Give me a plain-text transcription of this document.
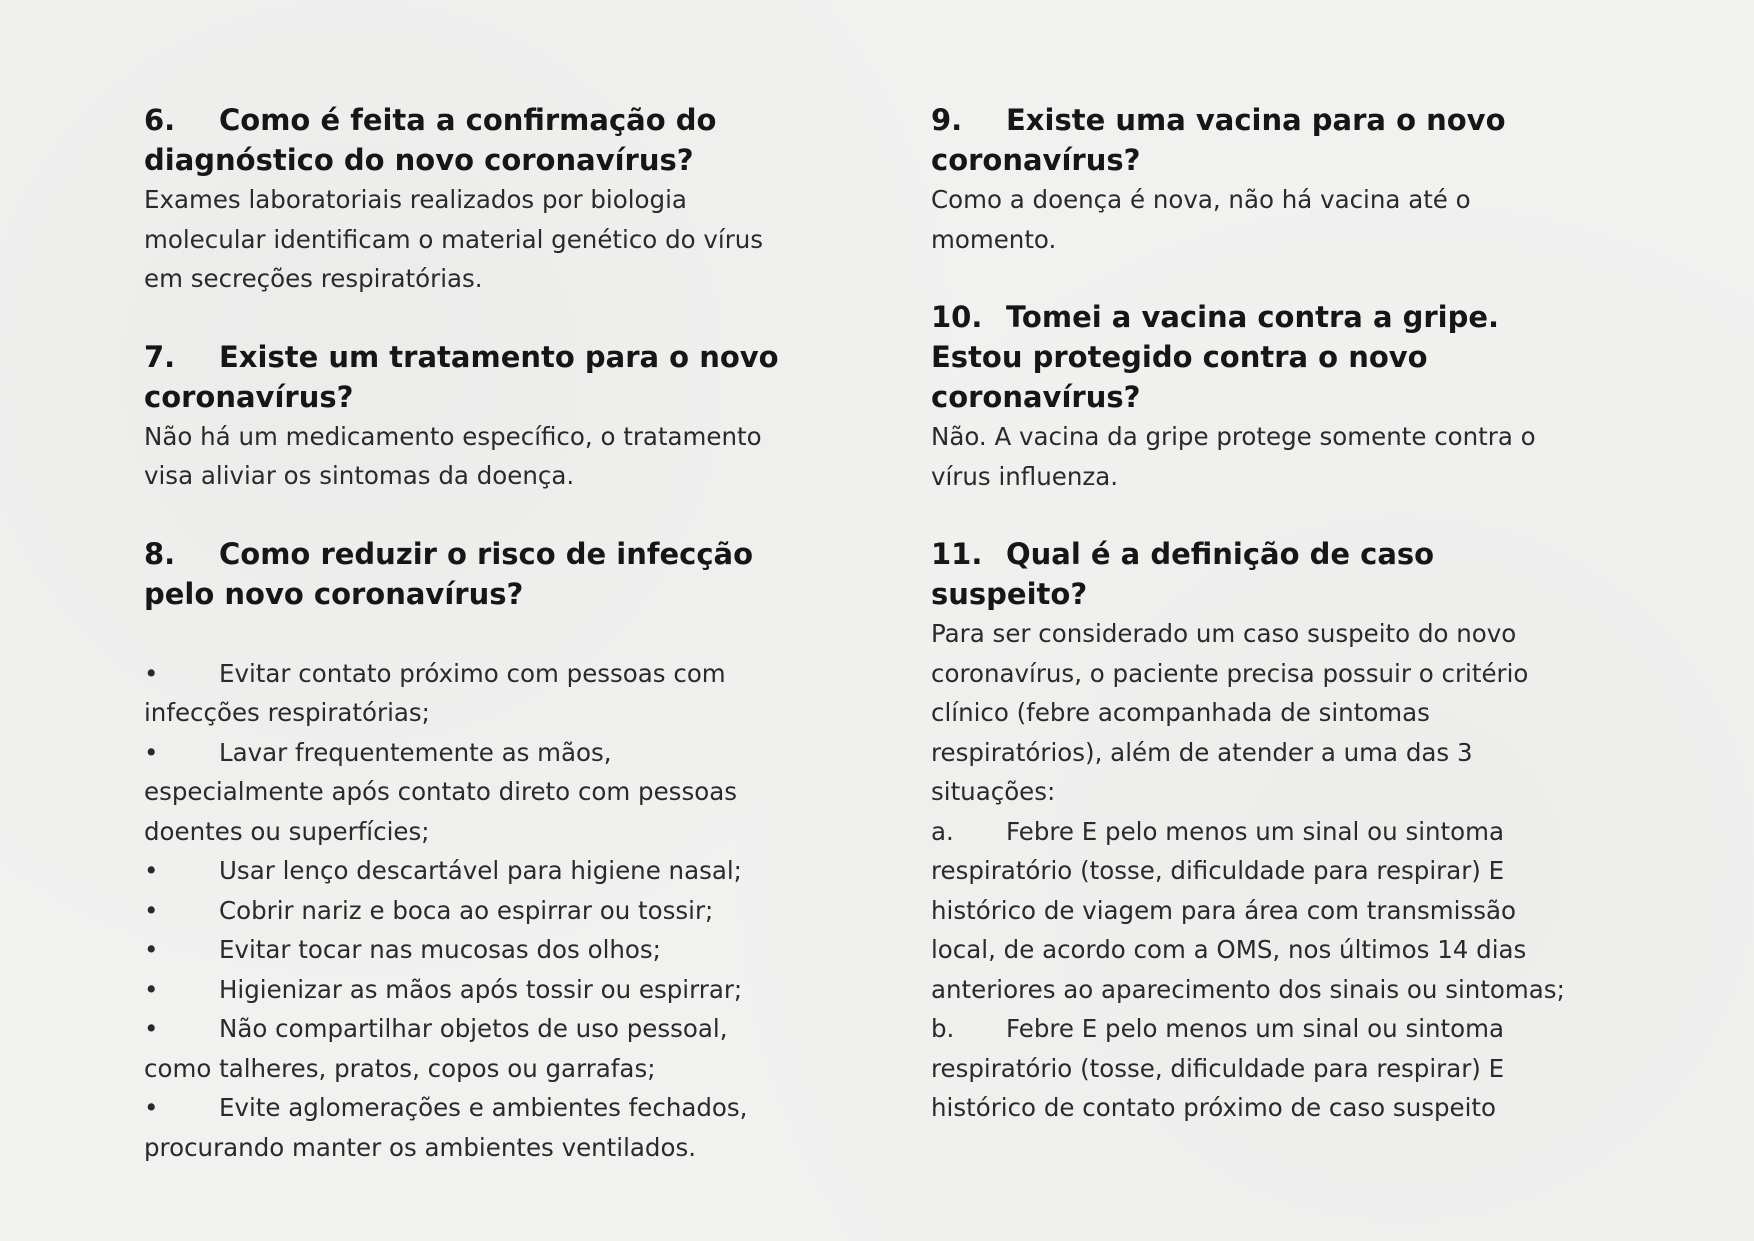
6. Como é feita a confirmação do diagnóstico do novo coronavírus?

Exames laboratoriais realizados por biologia molecular identificam o material genético do vírus em secreções respiratórias.

7. Existe um tratamento para o novo coronavírus?

Não há um medicamento específico, o tratamento visa aliviar os sintomas da doença.

8. Como reduzir o risco de infecção pelo novo coronavírus?

• Evitar contato próximo com pessoas com infecções respiratórias;
• Lavar frequentemente as mãos, especialmente após contato direto com pessoas doentes ou superfícies;
• Usar lenço descartável para higiene nasal;
• Cobrir nariz e boca ao espirrar ou tossir;
• Evitar tocar nas mucosas dos olhos;
• Higienizar as mãos após tossir ou espirrar;
• Não compartilhar objetos de uso pessoal, como talheres, pratos, copos ou garrafas;
• Evite aglomerações e ambientes fechados, procurando manter os ambientes ventilados.

9. Existe uma vacina para o novo coronavírus?

Como a doença é nova, não há vacina até o momento.

10. Tomei a vacina contra a gripe. Estou protegido contra o novo coronavírus?

Não. A vacina da gripe protege somente contra o vírus influenza.

11. Qual é a definição de caso suspeito?

Para ser considerado um caso suspeito do novo coronavírus, o paciente precisa possuir o critério clínico (febre acompanhada de sintomas respiratórios), além de atender a uma das 3 situações:

a. Febre E pelo menos um sinal ou sintoma respiratório (tosse, dificuldade para respirar) E histórico de viagem para área com transmissão local, de acordo com a OMS, nos últimos 14 dias anteriores ao aparecimento dos sinais ou sintomas;
b. Febre E pelo menos um sinal ou sintoma respiratório (tosse, dificuldade para respirar) E histórico de contato próximo de caso suspeito
